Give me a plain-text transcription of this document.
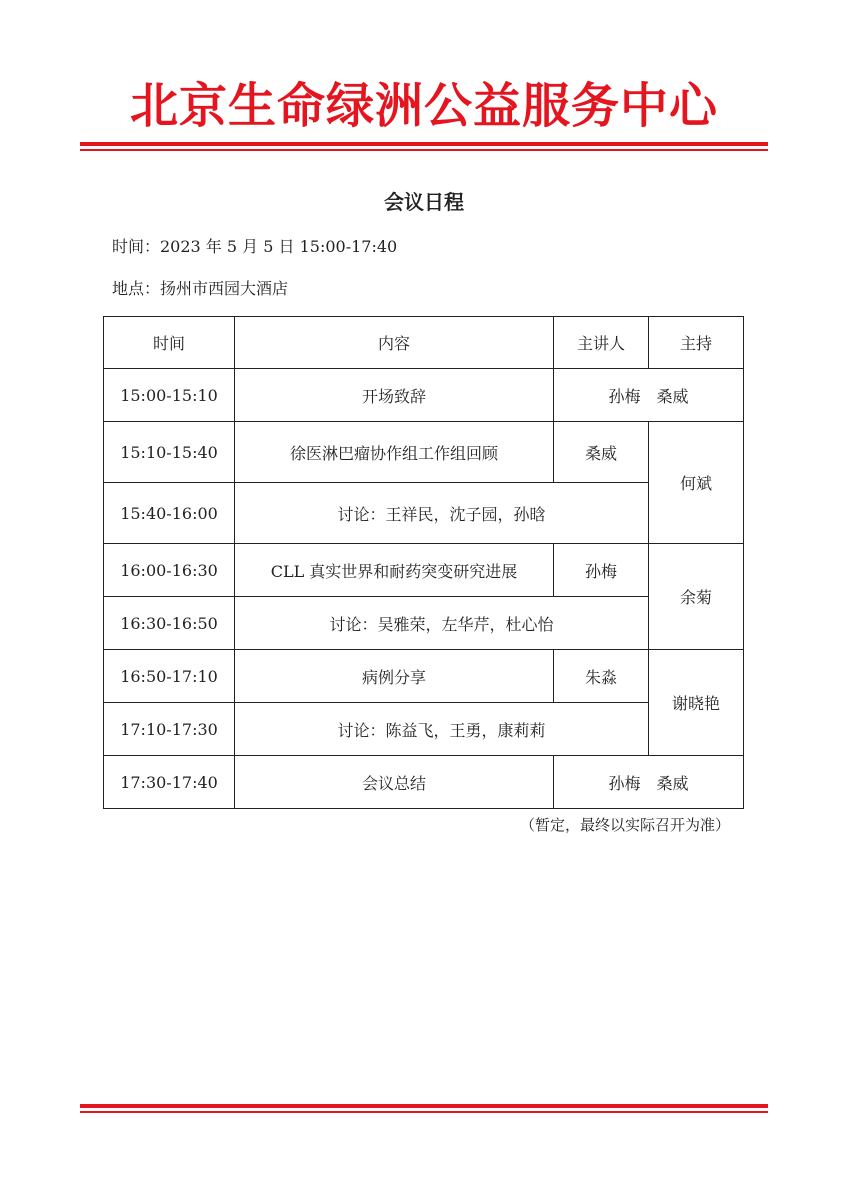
北京生命绿洲公益服务中心
会议日程
时间：2023 年 5 月 5 日 15:00-17:40
地点：扬州市西园大酒店
时间	内容	主讲人	主持
15:00-15:10	开场致辞	孙梅　桑威	
15:10-15:40	徐医淋巴瘤协作组工作组回顾	桑威	何斌
15:40-16:00	讨论：王祥民，沈子园，孙晗		
16:00-16:30	CLL 真实世界和耐药突变研究进展	孙梅	余菊
16:30-16:50	讨论：吴雅荣，左华芹，杜心怡		
16:50-17:10	病例分享	朱淼	谢晓艳
17:10-17:30	讨论：陈益飞，王勇，康莉莉		
17:30-17:40	会议总结	孙梅　桑威	
（暂定，最终以实际召开为准）
